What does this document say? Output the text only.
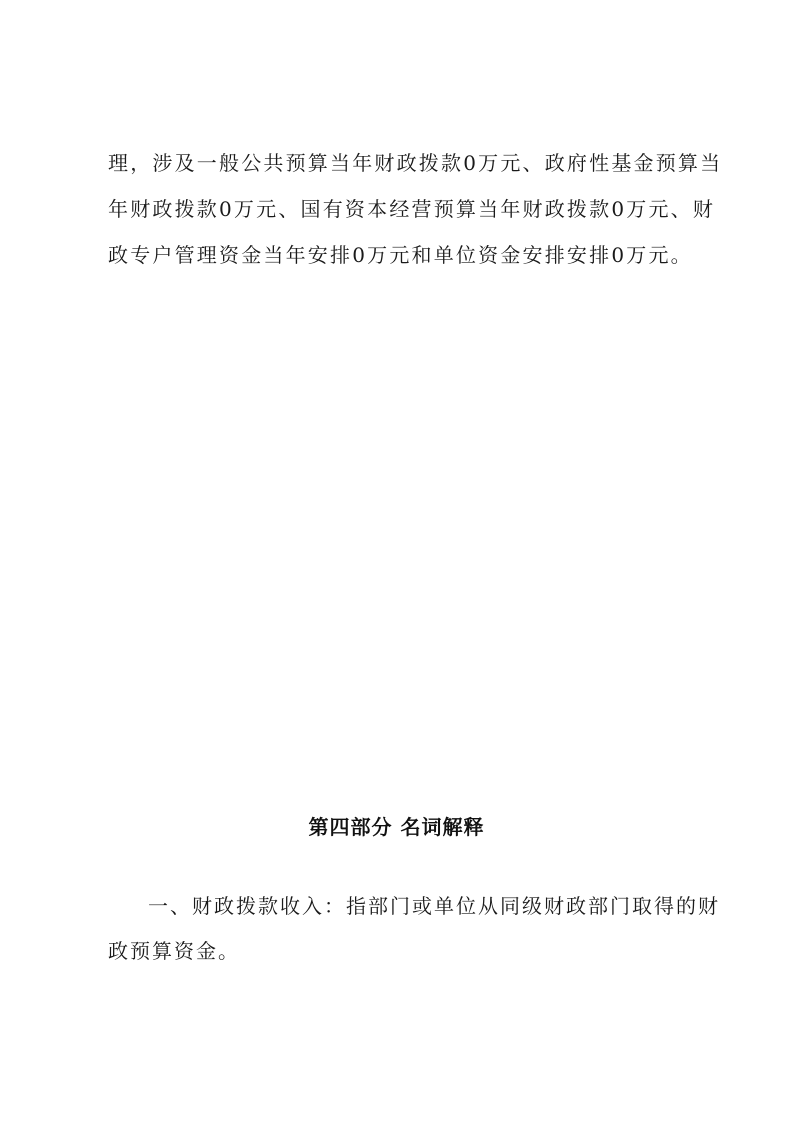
理，涉及一般公共预算当年财政拨款0万元、政府性基金预算当
年财政拨款0万元、国有资本经营预算当年财政拨款0万元、财
政专户管理资金当年安排0万元和单位资金安排安排0万元。
第四部分 名词解释
一、财政拨款收入：指部门或单位从同级财政部门取得的财
政预算资金。
